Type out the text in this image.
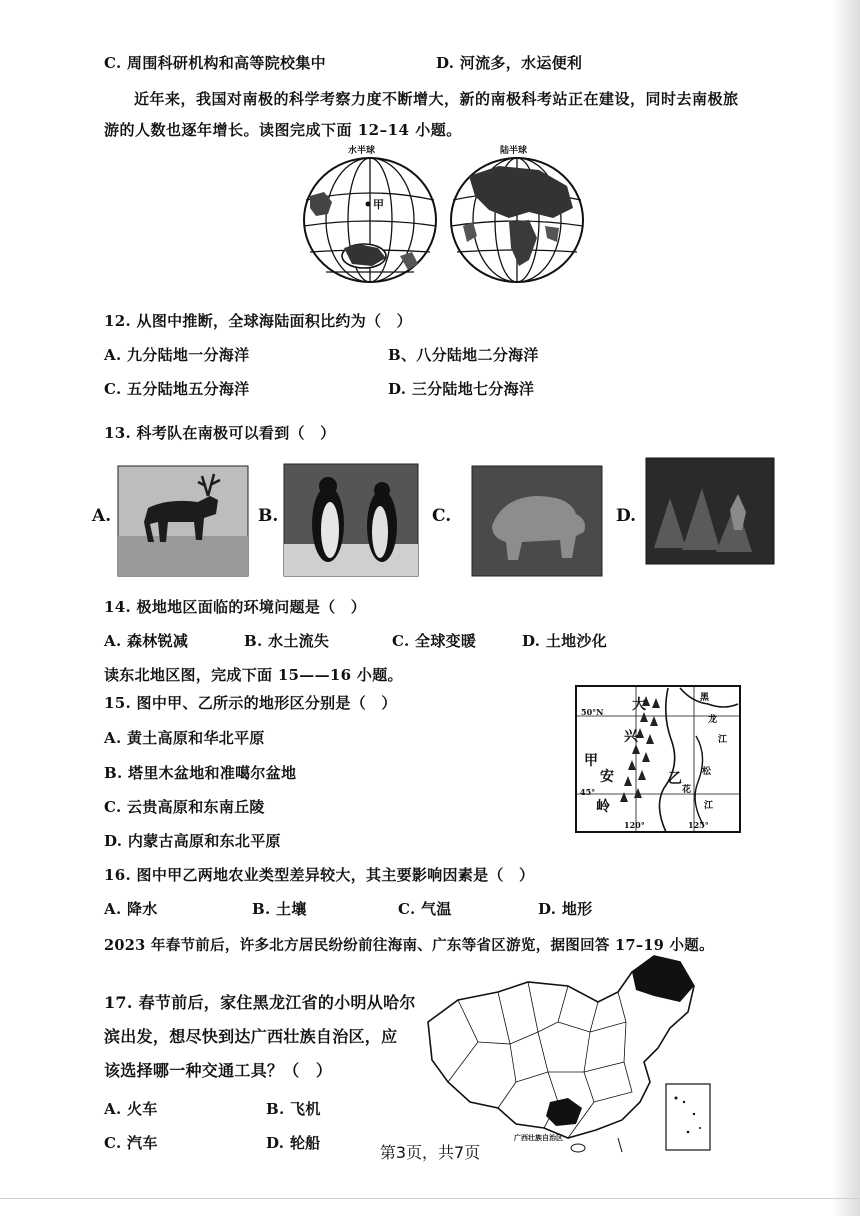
C. 周围科研机构和高等院校集中	D. 河流多，水运便利
近年来，我国对南极的科学考察力度不断增大，新的南极科考站正在建设，同时去南极旅游的人数也逐年增长。读图完成下面 12–14 小题。
水半球	陆半球
甲
12. 从图中推断，全球海陆面积比约为（　）
A. 九分陆地一分海洋	B、八分陆地二分海洋
C. 五分陆地五分海洋	D. 三分陆地七分海洋
13. 科考队在南极可以看到（　）
A.	B.	C.	D.
14. 极地地区面临的环境问题是（　）
A. 森林锐减	B. 水土流失	C. 全球变暖	D. 土地沙化
读东北地区图，完成下面 15——16 小题。
15. 图中甲、乙所示的地形区分别是（　）
A. 黄土高原和华北平原
B. 塔里木盆地和准噶尔盆地
C. 云贵高原和东南丘陵
D. 内蒙古高原和东北平原
50°N
45°
120°	125°
大
兴
安
岭
甲
乙
黑
龙
江
松
花
江
16. 图中甲乙两地农业类型差异较大，其主要影响因素是（　）
A. 降水	B. 土壤	C. 气温	D. 地形
2023 年春节前后，许多北方居民纷纷前往海南、广东等省区游览，据图回答 17–19 小题。
17. 春节前后，家住黑龙江省的小明从哈尔
滨出发，想尽快到达广西壮族自治区，应
该选择哪一种交通工具？（　）
A. 火车	B. 飞机
C. 汽车	D. 轮船	广西壮族自治区
第3页，共7页
